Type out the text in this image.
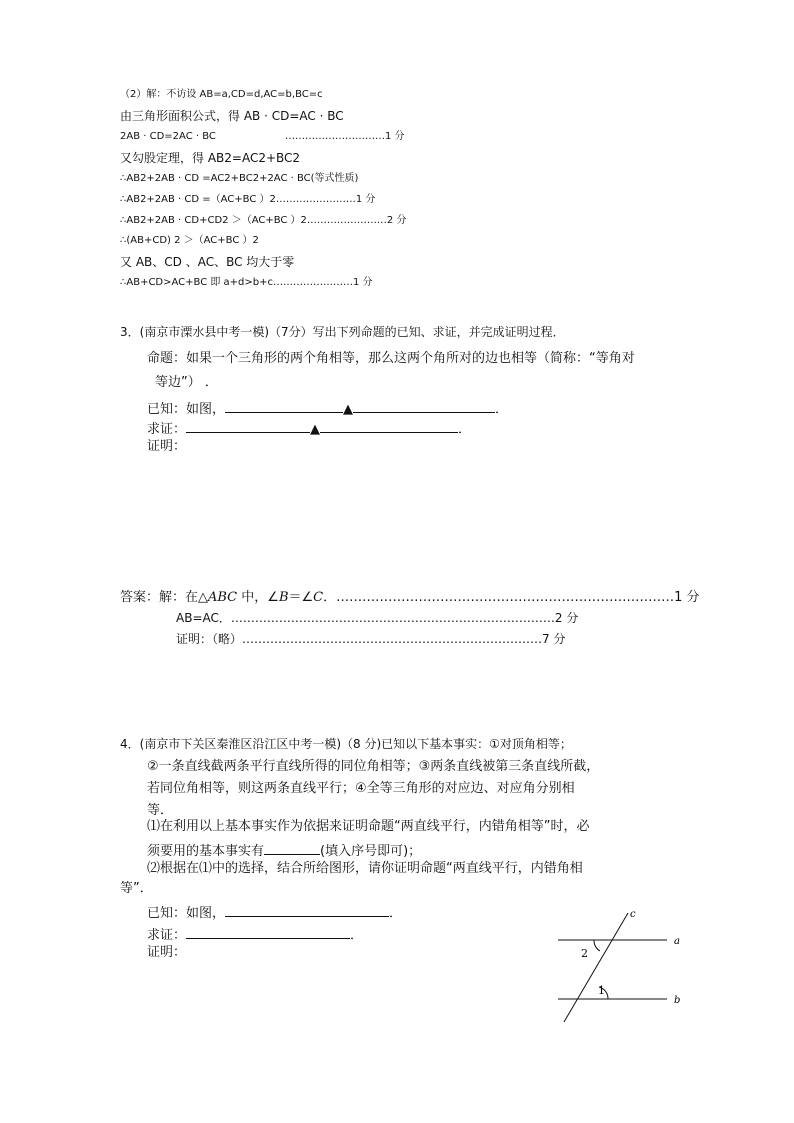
（2）解：不访设 AB=a,CD=d,AC=b,BC=c
由三角形面积公式，得 AB · CD=AC · BC
2AB · CD=2AC · BC	…………………………1 分
又勾股定理，得 AB2=AC2+BC2
∴AB2+2AB · CD =AC2+BC2+2AC · BC(等式性质)
∴AB2+2AB · CD =（AC+BC ）2……………………1 分
∴AB2+2AB · CD+CD2 ＞（AC+BC ）2……………………2 分
∴(AB+CD) 2 ＞（AC+BC ）2
又 AB、CD 、AC、BC 均大于零
∴AB+CD>AC+BC 即 a+d>b+c……………………1 分
3．(南京市溧水县中考一模)（7分）写出下列命题的已知、求证，并完成证明过程．
命题：如果一个三角形的两个角相等，那么这两个角所对的边也相等（简称：“等角对
等边”） ．
已知：如图，	▲	．
求证：	▲	．
证明：
答案：解：在△ABC 中，∠B＝∠C．……………………………………………………………………1 分
AB=AC．………………………………………………………………………2 分
证明：（略）…………………………………………………………………7 分
4．(南京市下关区秦淮区沿江区中考一模)（8 分)已知以下基本事实：①对顶角相等；
②一条直线截两条平行直线所得的同位角相等；③两条直线被第三条直线所截，
若同位角相等，则这两条直线平行；④全等三角形的对应边、对应角分别相
等．
⑴在利用以上基本事实作为依据来证明命题“两直线平行，内错角相等”时，必
须要用的基本事实有	(填入序号即可)；
⑵根据在⑴中的选择，结合所给图形，请你证明命题“两直线平行，内错角相
等”．
已知：如图，	．
求证：	．
证明：
c
a
b
2
1
